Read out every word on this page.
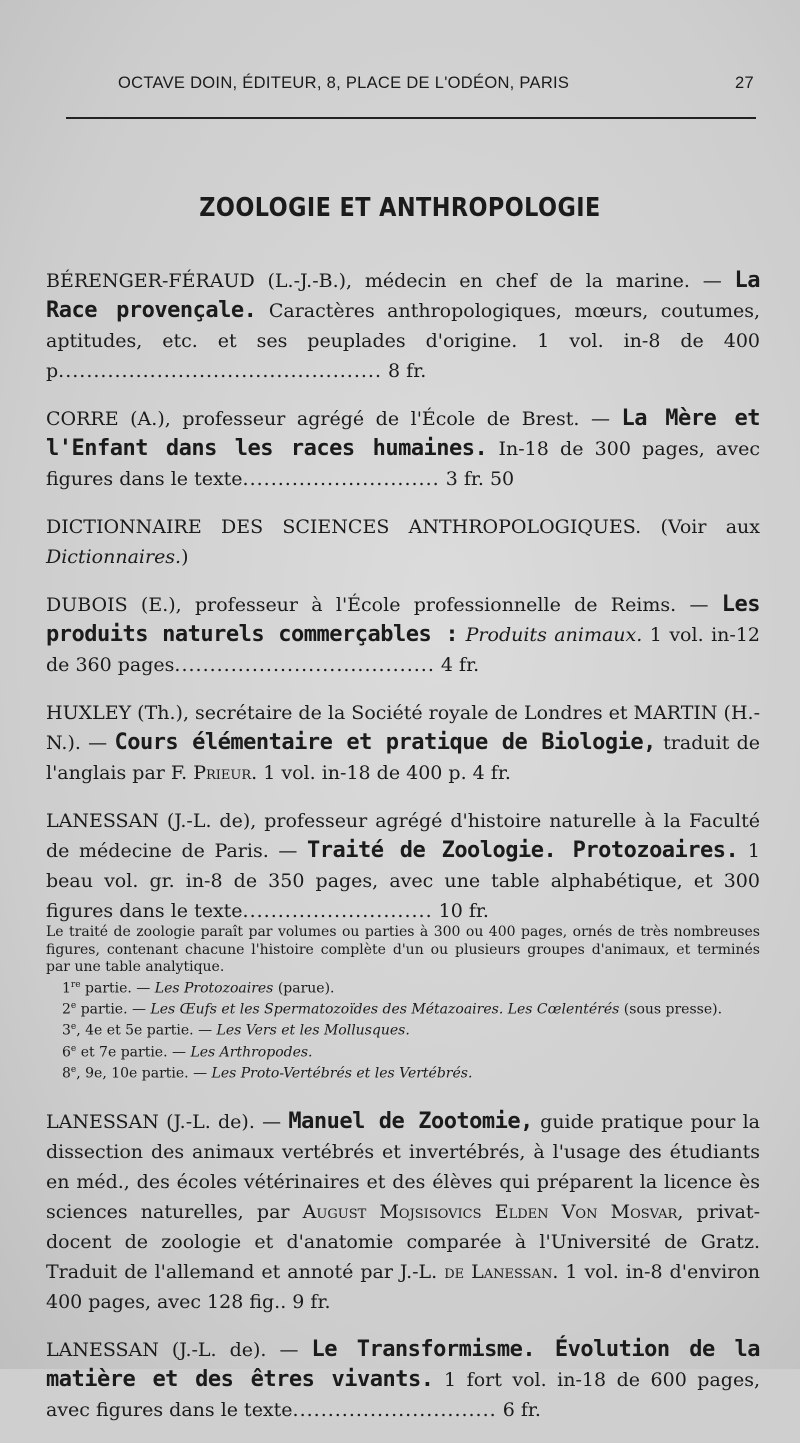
OCTAVE DOIN, ÉDITEUR, 8, PLACE DE L'ODÉON, PARIS	27
ZOOLOGIE ET ANTHROPOLOGIE
BÉRENGER-FÉRAUD (L.-J.-B.), médecin en chef de la marine. — La Race provençale. Caractères anthropologiques, mœurs, coutumes, aptitudes, etc. et ses peuplades d'origine. 1 vol. in-8 de 400 p.............................................. 8 fr.
CORRE (A.), professeur agrégé de l'École de Brest. — La Mère et l'Enfant dans les races humaines. In-18 de 300 pages, avec figures dans le texte............................ 3 fr. 50
DICTIONNAIRE DES SCIENCES ANTHROPOLOGIQUES. (Voir aux Dictionnaires.)
DUBOIS (E.), professeur à l'École professionnelle de Reims. — Les produits naturels commerçables : Produits animaux. 1 vol. in-12 de 360 pages..................................... 4 fr.
HUXLEY (Th.), secrétaire de la Société royale de Londres et MARTIN (H.-N.). — Cours élémentaire et pratique de Biologie, traduit de l'anglais par F. Prieur. 1 vol. in-18 de 400 p. 4 fr.
LANESSAN (J.-L. de), professeur agrégé d'histoire naturelle à la Faculté de médecine de Paris. — Traité de Zoologie. Protozoaires. 1 beau vol. gr. in-8 de 350 pages, avec une table alphabétique, et 300 figures dans le texte........................... 10 fr.
Le traité de zoologie paraît par volumes ou parties à 300 ou 400 pages, ornés de très nombreuses figures, contenant chacune l'histoire complète d'un ou plusieurs groupes d'animaux, et terminés par une table analytique.
1re partie. — Les Protozoaires (parue).
2e partie. — Les Œufs et les Spermatozoïdes des Métazoaires. Les Cœlentérés (sous presse).
3e, 4e et 5e partie. — Les Vers et les Mollusques.
6e et 7e partie. — Les Arthropodes.
8e, 9e, 10e partie. — Les Proto-Vertébrés et les Vertébrés.
LANESSAN (J.-L. de). — Manuel de Zootomie, guide pratique pour la dissection des animaux vertébrés et invertébrés, à l'usage des étudiants en méd., des écoles vétérinaires et des élèves qui préparent la licence ès sciences naturelles, par August Mojsisovics Elden Von Mosvar, privat-docent de zoologie et d'anatomie comparée à l'Université de Gratz. Traduit de l'allemand et annoté par J.-L. de Lanessan. 1 vol. in-8 d'environ 400 pages, avec 128 fig.. 9 fr.
LANESSAN (J.-L. de). — Le Transformisme. Évolution de la matière et des êtres vivants. 1 fort vol. in-18 de 600 pages, avec figures dans le texte............................. 6 fr.
